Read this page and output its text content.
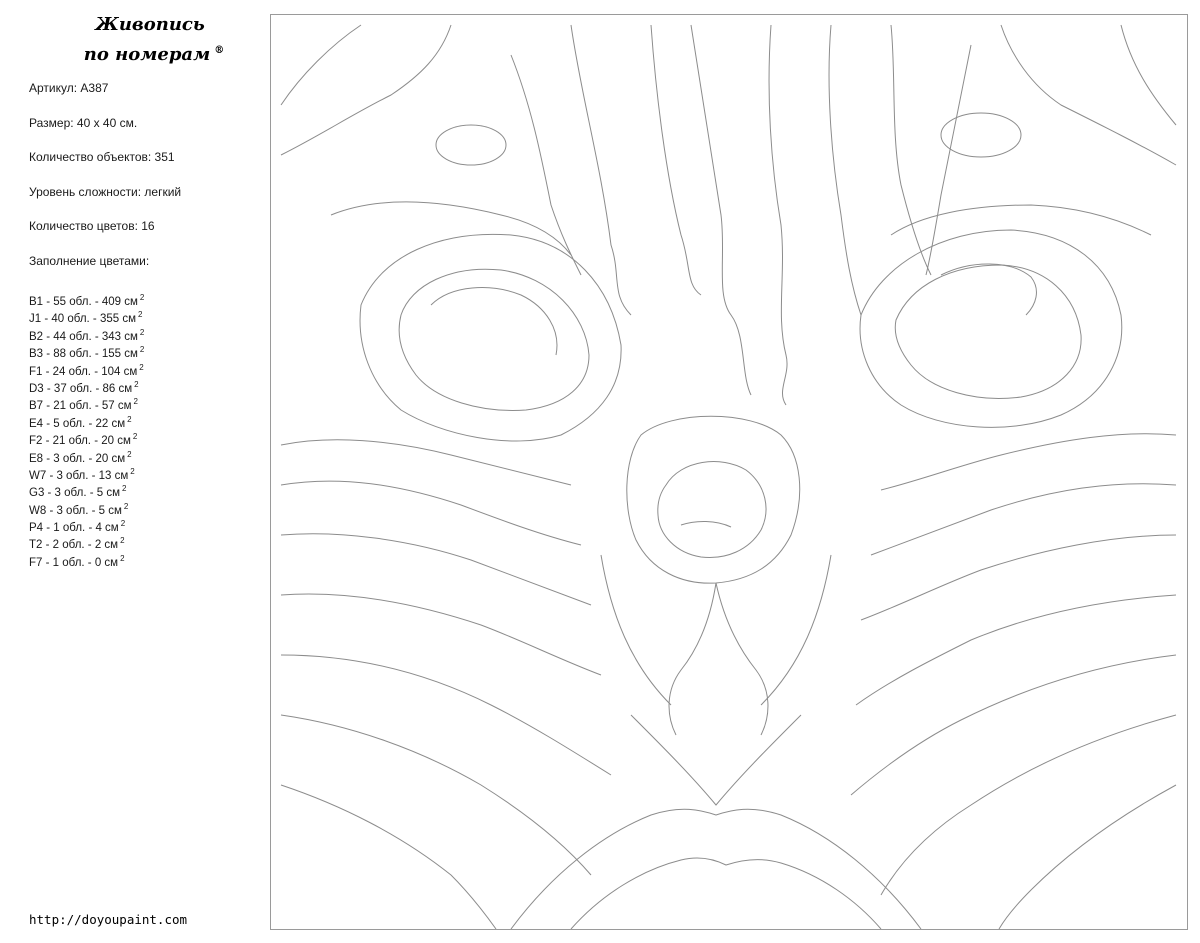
Живопись
по номерам ®
Артикул: A387
Размер: 40 х 40 см.
Количество объектов: 351
Уровень сложности: легкий
Количество цветов: 16
Заполнение цветами:
B1 - 55 обл. - 409 см $^2$
J1 - 40 обл. - 355 см $^2$
B2 - 44 обл. - 343 см $^2$
B3 - 88 обл. - 155 см $^2$
F1 - 24 обл. - 104 см $^2$
D3 - 37 обл. - 86 см $^2$
B7 - 21 обл. - 57 см $^2$
E4 - 5 обл. - 22 см $^2$
F2 - 21 обл. - 20 см $^2$
E8 - 3 обл. - 20 см $^2$
W7 - 3 обл. - 13 см $^2$
G3 - 3 обл. - 5 см $^2$
W8 - 3 обл. - 5 см $^2$
P4 - 1 обл. - 4 см $^2$
T2 - 2 обл. - 2 см $^2$
F7 - 1 обл. - 0 см $^2$
http://doyoupaint.com
